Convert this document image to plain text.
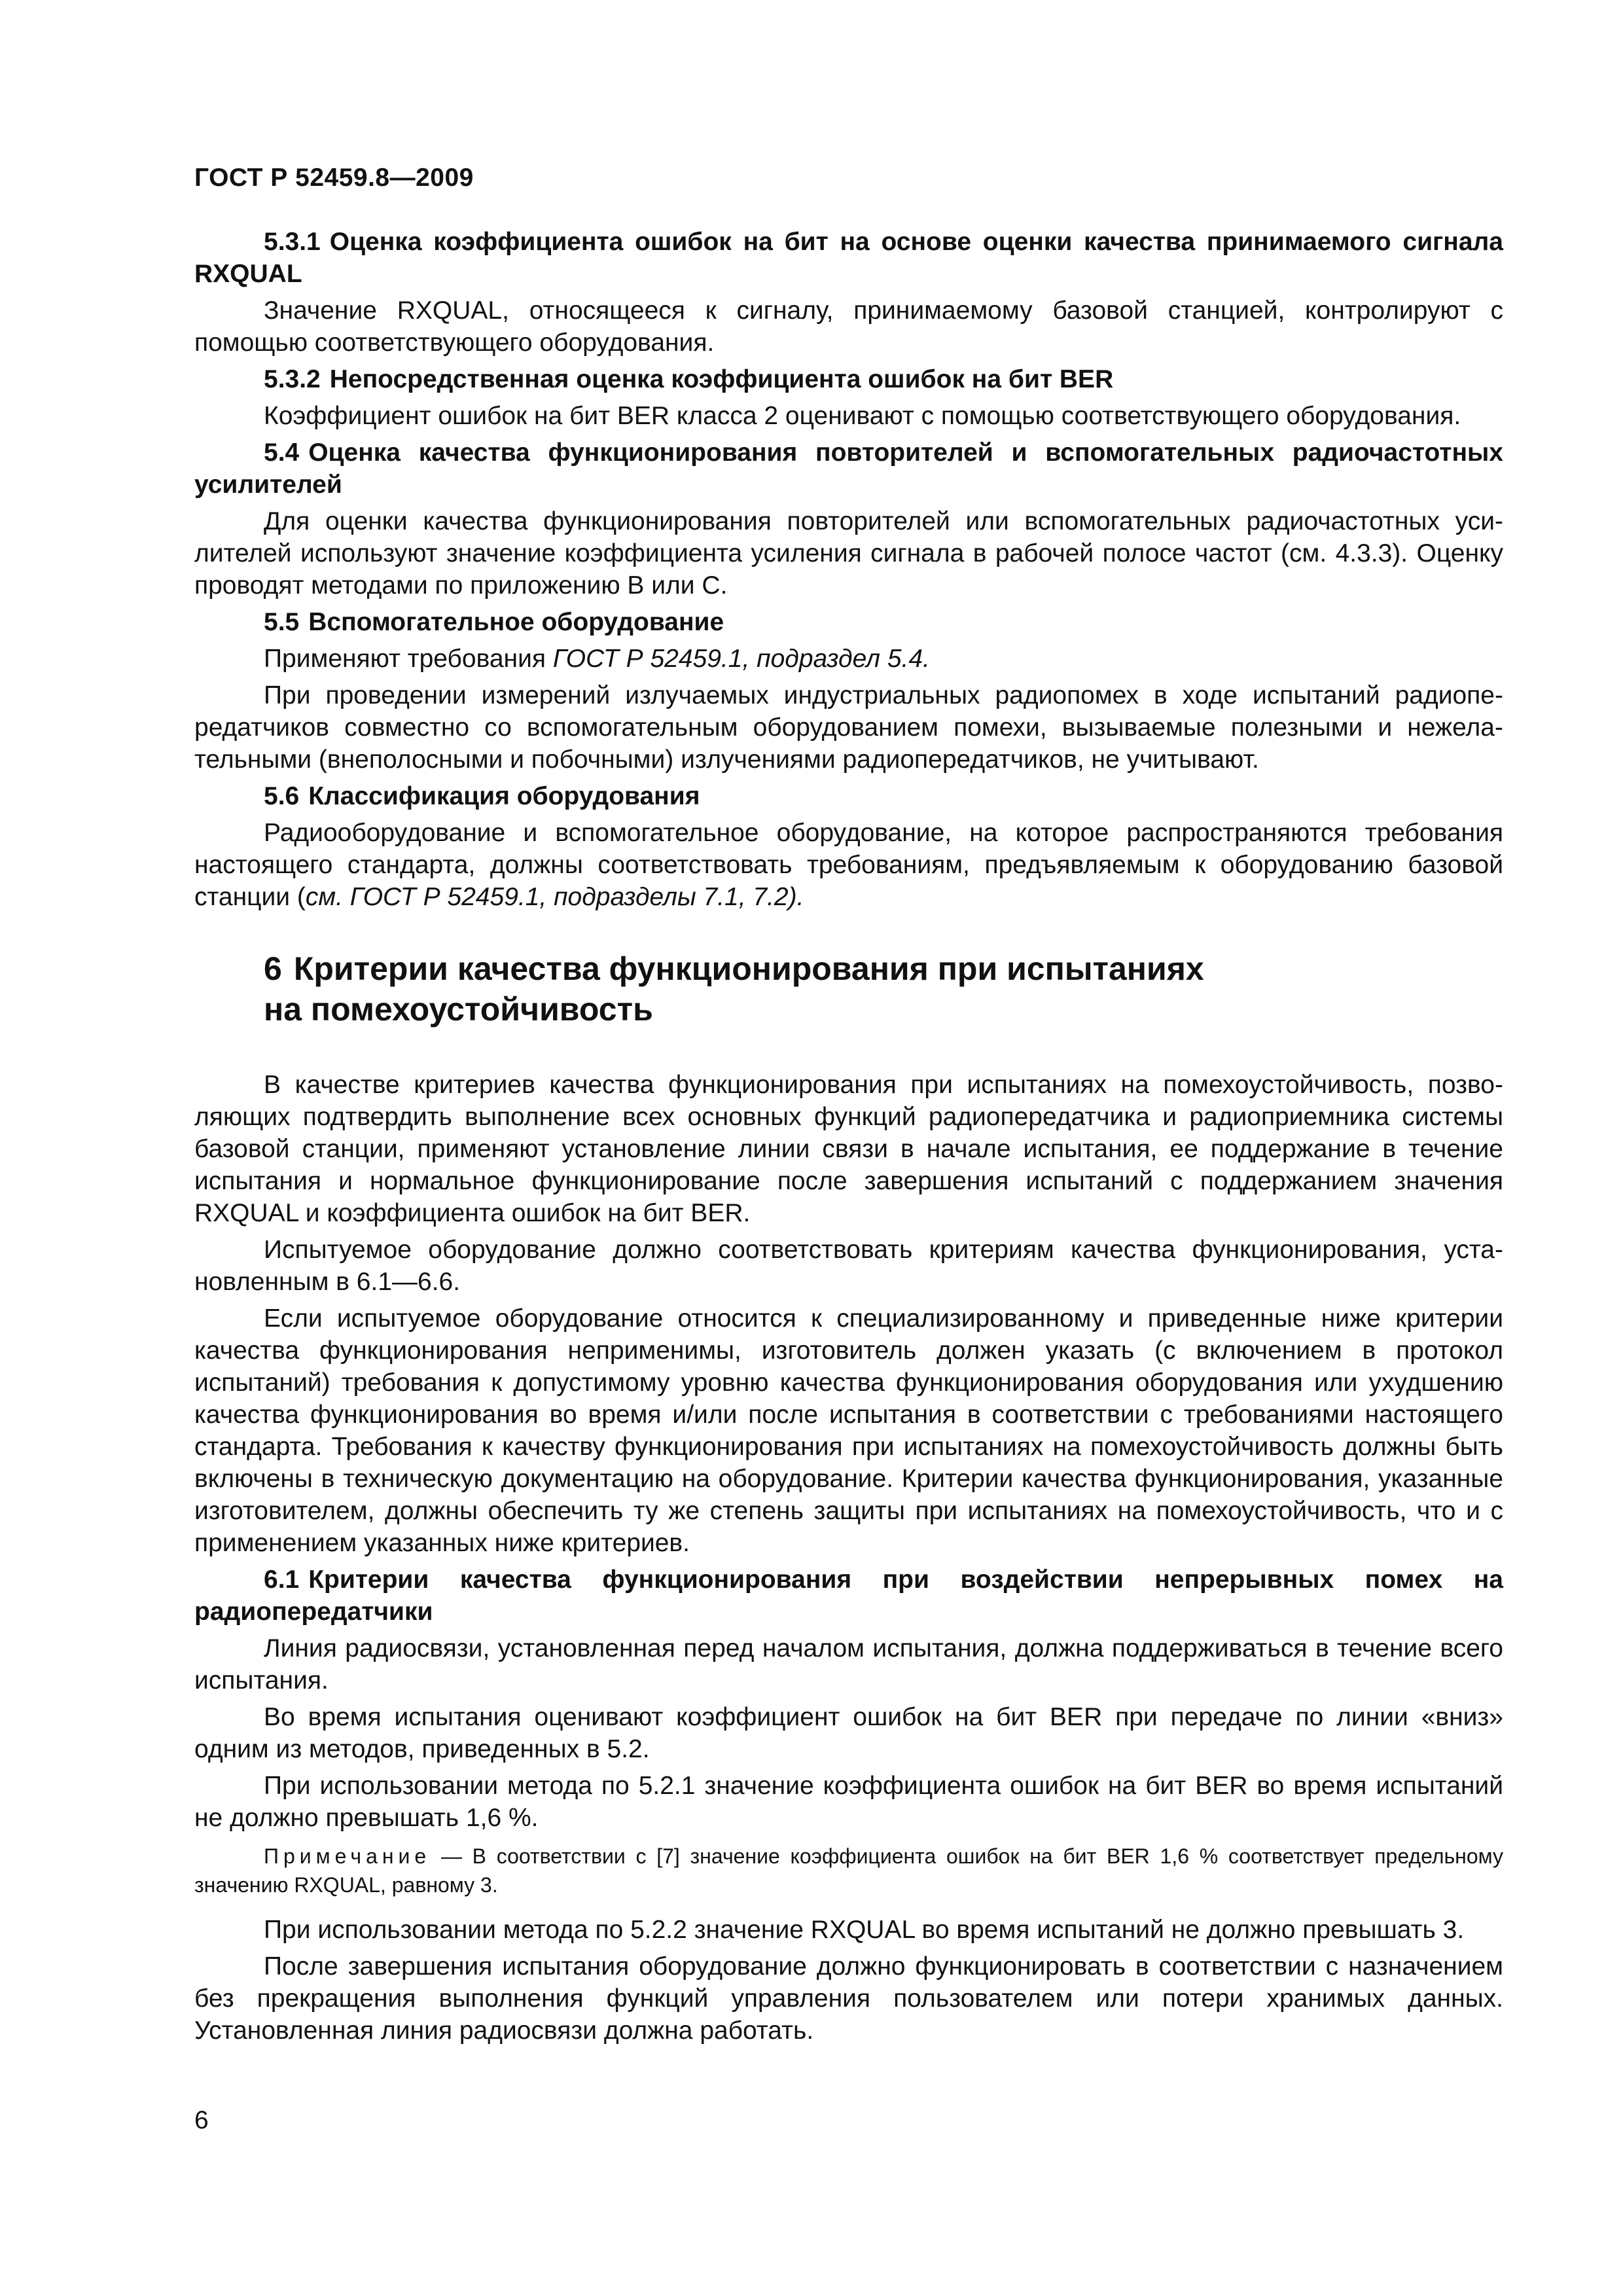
ГОСТ Р 52459.8—2009

5.3.1 Оценка коэффициента ошибок на бит на основе оценки качества принимаемого сигнала RXQUAL

Значение RXQUAL, относящееся к сигналу, принимаемому базовой станцией, контролируют с помощью соответствующего оборудования.

5.3.2 Непосредственная оценка коэффициента ошибок на бит BER

Коэффициент ошибок на бит BER класса 2 оценивают с помощью соответствующего оборудования.

5.4 Оценка качества функционирования повторителей и вспомогательных радиочастотных усилителей

Для оценки качества функционирования повторителей или вспомогательных радиочастотных усилителей используют значение коэффициента усиления сигнала в рабочей полосе частот (см. 4.3.3). Оценку проводят методами по приложению В или С.

5.5 Вспомогательное оборудование

Применяют требования ГОСТ Р 52459.1, подраздел 5.4.

При проведении измерений излучаемых индустриальных радиопомех в ходе испытаний радиопередатчиков совместно со вспомогательным оборудованием помехи, вызываемые полезными и нежелательными (внеполосными и побочными) излучениями радиопередатчиков, не учитывают.

5.6 Классификация оборудования

Радиооборудование и вспомогательное оборудование, на которое распространяются требования настоящего стандарта, должны соответствовать требованиям, предъявляемым к оборудованию базовой станции (см. ГОСТ Р 52459.1, подразделы 7.1, 7.2).

6 Критерии качества функционирования при испытаниях
на помехоустойчивость

В качестве критериев качества функционирования при испытаниях на помехоустойчивость, позволяющих подтвердить выполнение всех основных функций радиопередатчика и радиоприемника системы базовой станции, применяют установление линии связи в начале испытания, ее поддержание в течение испытания и нормальное функционирование после завершения испытаний с поддержанием значения RXQUAL и коэффициента ошибок на бит BER.

Испытуемое оборудование должно соответствовать критериям качества функционирования, установленным в 6.1—6.6.

Если испытуемое оборудование относится к специализированному и приведенные ниже критерии качества функционирования неприменимы, изготовитель должен указать (с включением в протокол испытаний) требования к допустимому уровню качества функционирования оборудования или ухудшению качества функционирования во время и/или после испытания в соответствии с требованиями настоящего стандарта. Требования к качеству функционирования при испытаниях на помехоустойчивость должны быть включены в техническую документацию на оборудование. Критерии качества функционирования, указанные изготовителем, должны обеспечить ту же степень защиты при испытаниях на помехоустойчивость, что и с применением указанных ниже критериев.

6.1 Критерии качества функционирования при воздействии непрерывных помех на радиопередатчики

Линия радиосвязи, установленная перед началом испытания, должна поддерживаться в течение всего испытания.

Во время испытания оценивают коэффициент ошибок на бит BER при передаче по линии «вниз» одним из методов, приведенных в 5.2.

При использовании метода по 5.2.1 значение коэффициента ошибок на бит BER во время испытаний не должно превышать 1,6 %.

Примечание — В соответствии с [7] значение коэффициента ошибок на бит BER 1,6 % соответствует предельному значению RXQUAL, равному 3.

При использовании метода по 5.2.2 значение RXQUAL во время испытаний не должно превышать 3.

После завершения испытания оборудование должно функционировать в соответствии с назначением без прекращения выполнения функций управления пользователем или потери хранимых данных. Установленная линия радиосвязи должна работать.

6
